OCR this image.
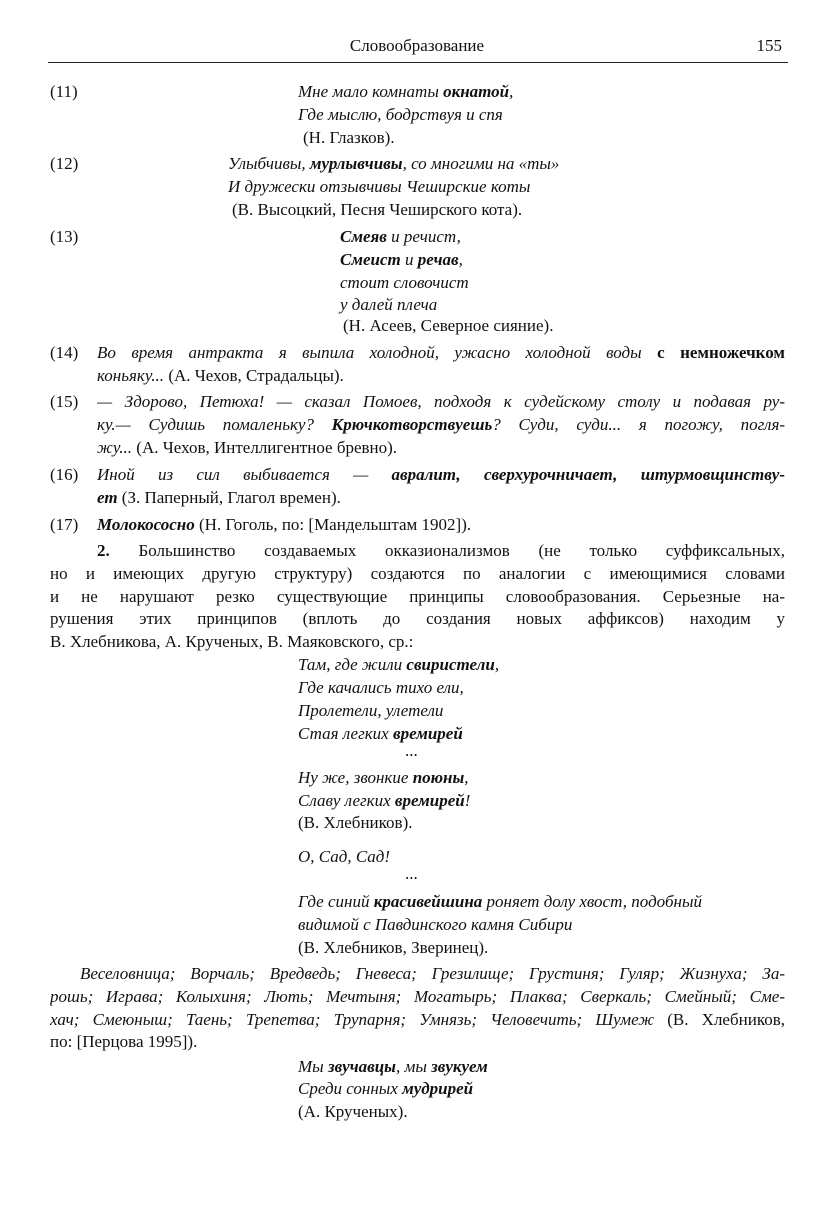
Словообразование	155
(11)	Мне мало комнаты окнатой,
Где мыслю, бодрствуя и спя
(Н. Глазков).
(12)	Улыбчивы, мурлывчивы, со многими на «ты»
И дружески отзывчивы Чеширские коты
(В. Высоцкий, Песня Чеширского кота).
(13)	Смеяв и речист,
Смеист и речав,
стоит словочист
у далей плеча
(Н. Асеев, Северное сияние).
(14) Во время антракта я выпила холодной, ужасно холодной воды с немножечком
коньяку... (А. Чехов, Страдальцы).
(15) — Здорово, Петюха! — сказал Помоев, подходя к судейскому столу и подавая ру-
ку.— Судишь помаленьку? Крючкотворствуешь? Суди, суди... я погожу, погля-
жу... (А. Чехов, Интеллигентное бревно).
(16) Иной из сил выбивается — авралит, сверхурочничает, штурмовщинству-
ет (З. Паперный, Глагол времен).
(17) Молокососно (Н. Гоголь, по: [Мандельштам 1902]).
2. Большинство создаваемых окказионализмов (не только суффиксальных,
но и имеющих другую структуру) создаются по аналогии с имеющимися словами
и не нарушают резко существующие принципы словообразования. Серьезные на-
рушения этих принципов (вплоть до создания новых аффиксов) находим у
В. Хлебникова, А. Крученых, В. Маяковского, ср.:
Там, где жили свиристели,
Где качались тихо ели,
Пролетели, улетели
Стая легких времирей
...
Ну же, звонкие поюны,
Славу легких времирей!
(В. Хлебников).
О, Сад, Сад!
...
Где синий красивейшина роняет долу хвост, подобный
видимой с Павдинского камня Сибири
(В. Хлебников, Зверинец).
Веселовница; Ворчаль; Вредведь; Гневеса; Грезилище; Грустиня; Гуляр; Жизнуха; За-
рошь; Играва; Колыхиня; Лють; Мечтыня; Могатырь; Плаква; Сверкаль; Смейный; Сме-
хач; Смеюныш; Таень; Трепетва; Трупарня; Умнязь; Человечить; Шумеж (В. Хлебников,
по: [Перцова 1995]).
Мы звучавцы, мы звукуем
Среди сонных мудрирей
(А. Крученых).
